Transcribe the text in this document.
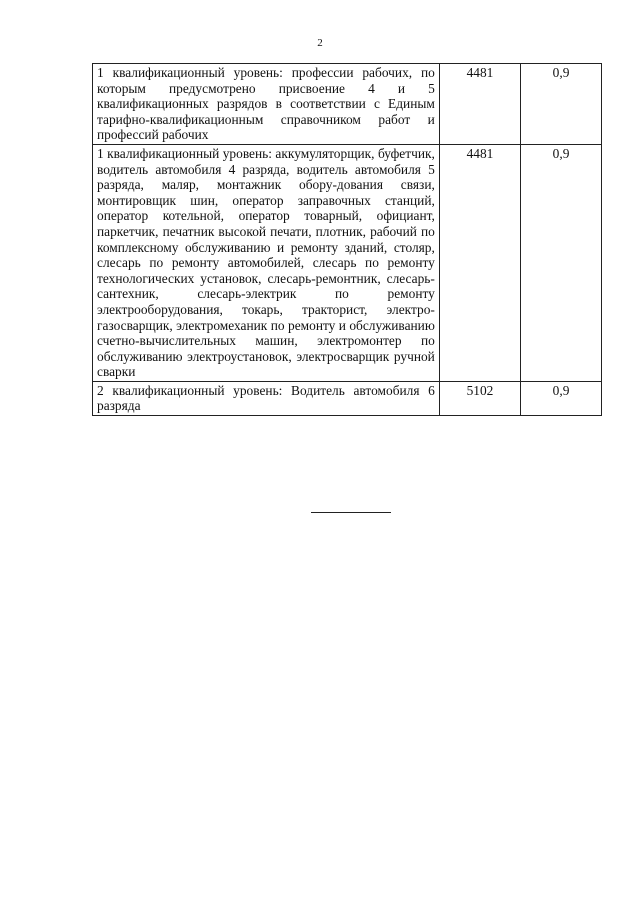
2
1 квалификационный уровень: профессии рабочих, по которым предусмотрено присвоение 4 и 5 квалификационных разрядов в соответствии с Единым тарифно-квалификационным справочником работ и профессий рабочих	4481	0,9
1 квалификационный уровень: аккумуляторщик, буфетчик, водитель автомобиля 4 разряда, водитель автомобиля 5 разряда, маляр, монтажник обору-дования связи, монтировщик шин, оператор заправочных станций, оператор котельной, оператор товарный, официант, паркетчик, печатник высокой печати, плотник, рабочий по комплексному обслуживанию и ремонту зданий, столяр, слесарь по ремонту автомобилей, слесарь по ремонту технологических установок, слесарь-ремонтник, слесарь-сантехник, слесарь-электрик по ремонту электрооборудования, токарь, тракторист, электро-газосварщик, электромеханик по ремонту и обслуживанию счетно-вычислительных машин, электромонтер по обслуживанию электроустановок, электросварщик ручной сварки	4481	0,9
2 квалификационный уровень: Водитель автомобиля 6 разряда	5102	0,9
